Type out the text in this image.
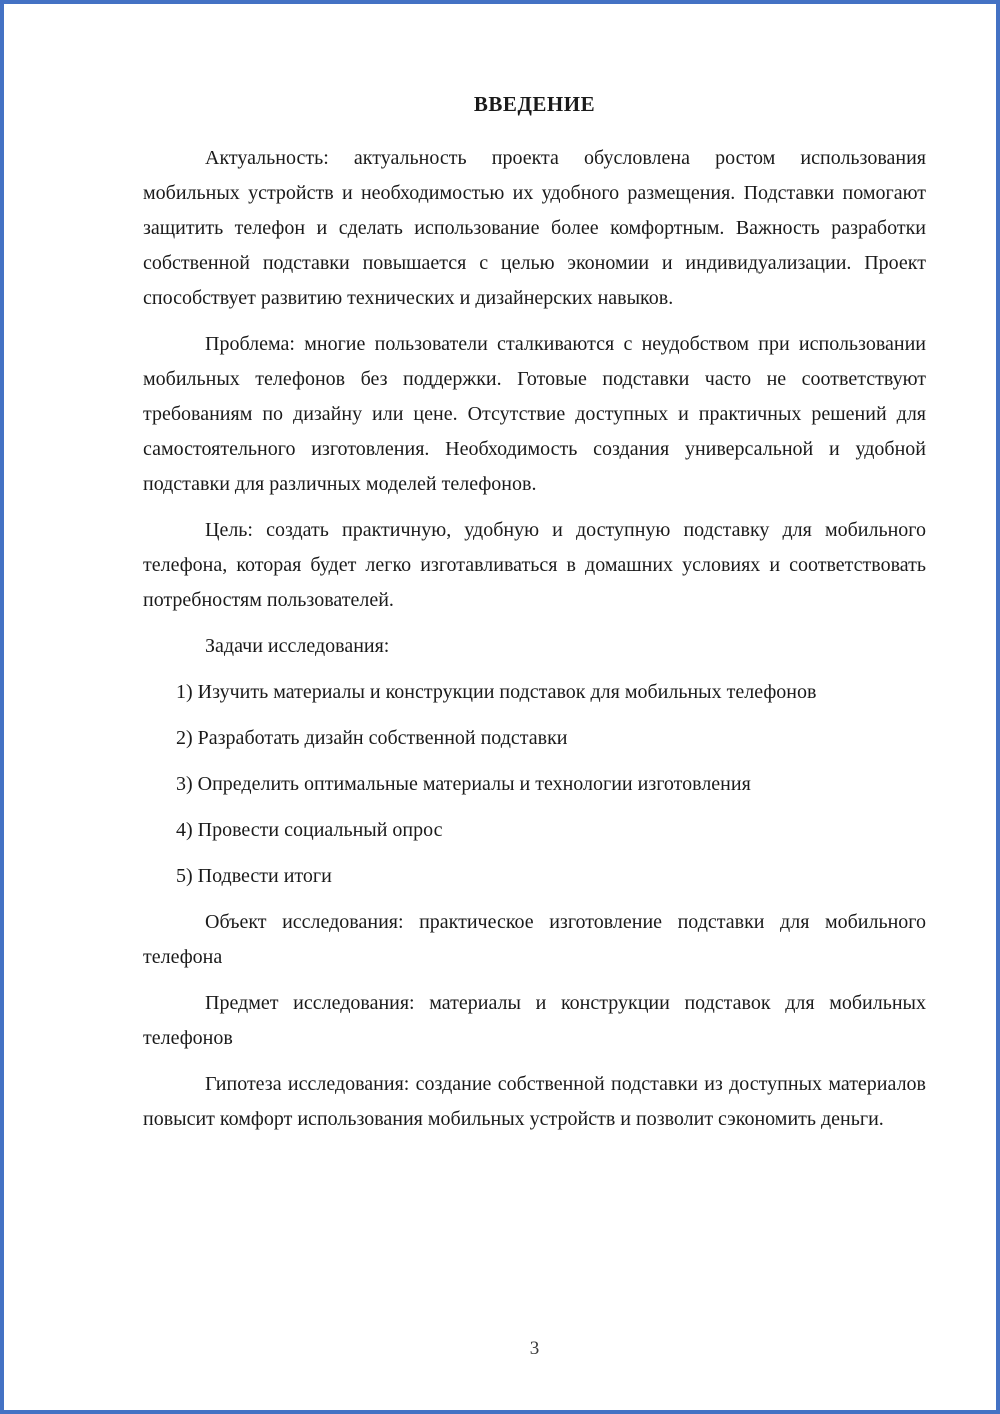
ВВЕДЕНИЕ

Актуальность: актуальность проекта обусловлена ростом использования мобильных устройств и необходимостью их удобного размещения. Подставки помогают защитить телефон и сделать использование более комфортным. Важность разработки собственной подставки повышается с целью экономии и индивидуализации. Проект способствует развитию технических и дизайнерских навыков.

Проблема: многие пользователи сталкиваются с неудобством при использовании мобильных телефонов без поддержки. Готовые подставки часто не соответствуют требованиям по дизайну или цене. Отсутствие доступных и практичных решений для самостоятельного изготовления. Необходимость создания универсальной и удобной подставки для различных моделей телефонов.

Цель: создать практичную, удобную и доступную подставку для мобильного телефона, которая будет легко изготавливаться в домашних условиях и соответствовать потребностям пользователей.

Задачи исследования:

1) Изучить материалы и конструкции подставок для мобильных телефонов

2) Разработать дизайн собственной подставки

3) Определить оптимальные материалы и технологии изготовления

4) Провести социальный опрос

5) Подвести итоги

Объект исследования: практическое изготовление подставки для мобильного телефона

Предмет исследования: материалы и конструкции подставок для мобильных телефонов

Гипотеза исследования: создание собственной подставки из доступных материалов повысит комфорт использования мобильных устройств и позволит сэкономить деньги.

3
